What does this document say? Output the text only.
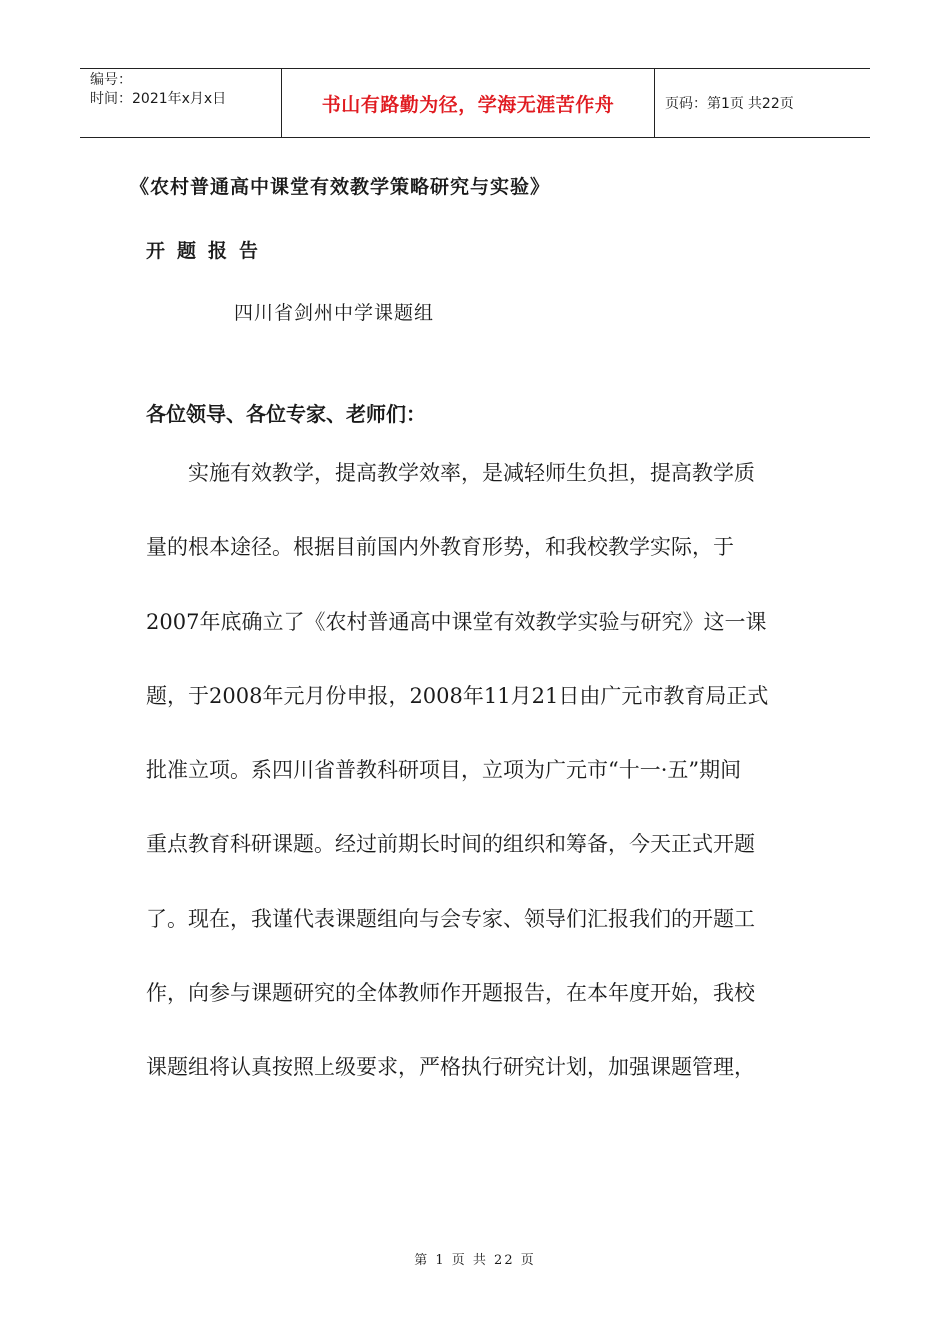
编号：
时间：2021年x月x日	书山有路勤为径，学海无涯苦作舟	页码：第1页 共22页
《农村普通高中课堂有效教学策略研究与实验》
开题报告
四川省剑州中学课题组
各位领导、各位专家、老师们：
实施有效教学，提高教学效率，是减轻师生负担，提高教学质
量的根本途径。根据目前国内外教育形势，和我校教学实际，于
2007年底确立了《农村普通高中课堂有效教学实验与研究》这一课
题，于2008年元月份申报，2008年11月21日由广元市教育局正式
批准立项。系四川省普教科研项目，立项为广元市“十一·五”期间
重点教育科研课题。经过前期长时间的组织和筹备，今天正式开题
了。现在，我谨代表课题组向与会专家、领导们汇报我们的开题工
作，向参与课题研究的全体教师作开题报告，在本年度开始，我校
课题组将认真按照上级要求，严格执行研究计划，加强课题管理，
第 1 页 共 22 页
